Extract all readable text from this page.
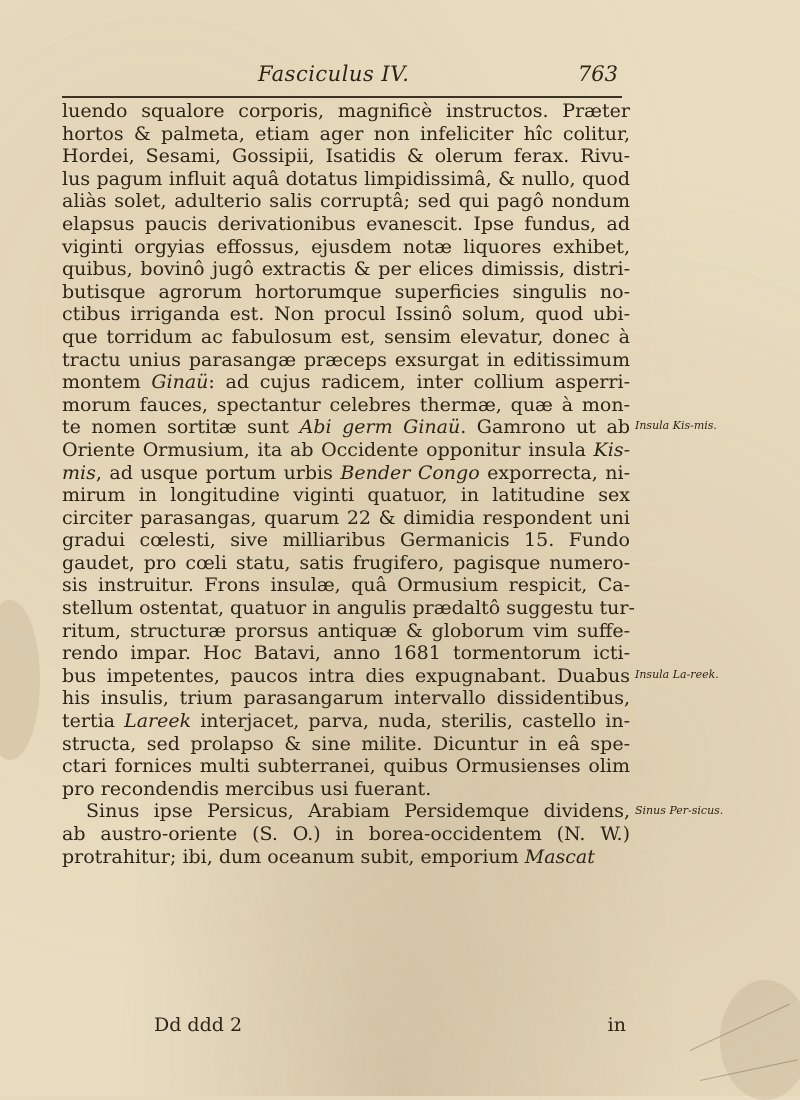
Fasciculus IV.	763
luendo squalore corporis, magnificè instructos. Præter
hortos & palmeta, etiam ager non infeliciter hîc colitur,
Hordei, Sesami, Gossipii, Isatidis & olerum ferax. Rivu-
lus pagum influit aquâ dotatus limpidissimâ, & nullo, quod
aliàs solet, adulterio salis corruptâ; sed qui pagô nondum
elapsus paucis derivationibus evanescit. Ipse fundus, ad
viginti orgyias effossus, ejusdem notæ liquores exhibet,
quibus, bovinô jugô extractis & per elices dimissis, distri-
butisque agrorum hortorumque superficies singulis no-
ctibus irriganda est. Non procul Issinô solum, quod ubi-
que torridum ac fabulosum est, sensim elevatur, donec à
tractu unius parasangæ præceps exsurgat in editissimum
montem Ginaü: ad cujus radicem, inter collium asperri-
morum fauces, spectantur celebres thermæ, quæ à mon-
te nomen sortitæ sunt Abi germ Ginaü. Gamrono ut ab
Oriente Ormusium, ita ab Occidente opponitur insula Kis-
mis, ad usque portum urbis Bender Congo exporrecta, ni-
mirum in longitudine viginti quatuor, in latitudine sex
circiter parasangas, quarum 22 & dimidia respondent uni
gradui cœlesti, sive milliaribus Germanicis 15. Fundo
gaudet, pro cœli statu, satis frugifero, pagisque numero-
sis instruitur. Frons insulæ, quâ Ormusium respicit, Ca-
stellum ostentat, quatuor in angulis prædaltô suggestu tur-
ritum, structuræ prorsus antiquæ & globorum vim suffe-
rendo impar. Hoc Batavi, anno 1681 tormentorum icti-
bus impetentes, paucos intra dies expugnabant. Duabus
his insulis, trium parasangarum intervallo dissidentibus,
tertia Lareek interjacet, parva, nuda, sterilis, castello in-
structa, sed prolapso & sine milite. Dicuntur in eâ spe-
ctari fornices multi subterranei, quibus Ormusienses olim
pro recondendis mercibus usi fuerant.
Sinus ipse Persicus, Arabiam Persidemque dividens,
ab austro-oriente (S. O.) in borea-occidentem (N. W.)
protrahitur; ibi, dum oceanum subit, emporium Mascat
Insula Kis-mis.
Insula La-reek.
Sinus Per-sicus.
Dd ddd 2	in
